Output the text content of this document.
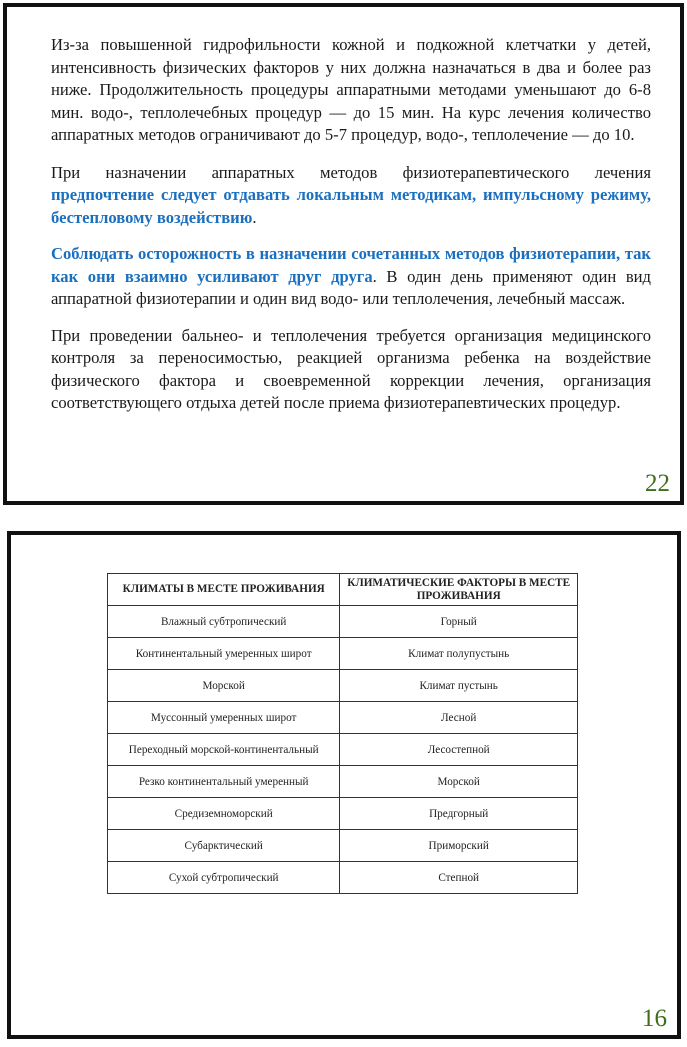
Из-за повышенной гидрофильности кожной и подкожной клетчатки у детей, интенсивность физических факторов у них должна назначаться в два и более раз ниже. Продолжительность процедуры аппаратными методами уменьшают до 6-8 мин. водо-, теплолечебных процедур — до 15 мин. На курс лечения количество аппаратных методов ограничивают до 5-7 процедур, водо-, теплолечение — до 10.

При назначении аппаратных методов физиотерапевтического лечения предпочтение следует отдавать локальным методикам, импульсному режиму, бестепловому воздействию.

Соблюдать осторожность в назначении сочетанных методов физиотерапии, так как они взаимно усиливают друг друга. В один день применяют один вид аппаратной физиотерапии и один вид водо- или теплолечения, лечебный массаж.

При проведении бальнео- и теплолечения требуется организация медицинского контроля за переносимостью, реакцией организма ребенка на воздействие физического фактора и своевременной коррекции лечения, организация соответствующего отдыха детей после приема физиотерапевтических процедур.

22
КЛИМАТЫ В МЕСТЕ ПРОЖИВАНИЯ	КЛИМАТИЧЕСКИЕ ФАКТОРЫ В МЕСТЕ ПРОЖИВАНИЯ
Влажный субтропический	Горный
Континентальный умеренных широт	Климат полупустынь
Морской	Климат пустынь
Муссонный умеренных широт	Лесной
Переходный морской-континентальный	Лесостепной
Резко континентальный умеренный	Морской
Средиземноморский	Предгорный
Субарктический	Приморский
Сухой субтропический	Степной
16
